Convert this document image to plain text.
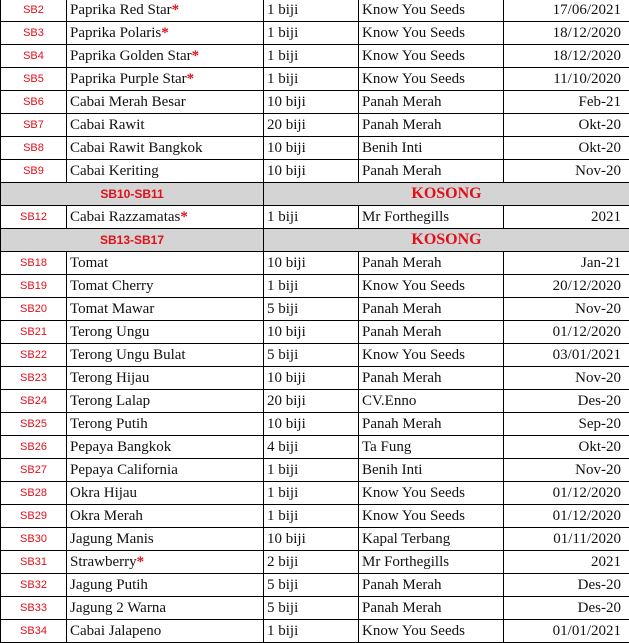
SB2	Paprika Red Star*	1 biji	Know You Seeds	17/06/2021
SB3	Paprika Polaris*	1 biji	Know You Seeds	18/12/2020
SB4	Paprika Golden Star*	1 biji	Know You Seeds	18/12/2020
SB5	Paprika Purple Star*	1 biji	Know You Seeds	11/10/2020
SB6	Cabai Merah Besar	10 biji	Panah Merah	Feb-21
SB7	Cabai Rawit	20 biji	Panah Merah	Okt-20
SB8	Cabai Rawit Bangkok	10 biji	Benih Inti	Okt-20
SB9	Cabai Keriting	10 biji	Panah Merah	Nov-20
SB10-SB11		KOSONG		
SB12	Cabai Razzamatas*	1 biji	Mr Forthegills	2021
SB13-SB17		KOSONG		
SB18	Tomat	10 biji	Panah Merah	Jan-21
SB19	Tomat Cherry	1 biji	Know You Seeds	20/12/2020
SB20	Tomat Mawar	5 biji	Panah Merah	Nov-20
SB21	Terong Ungu	10 biji	Panah Merah	01/12/2020
SB22	Terong Ungu Bulat	5 biji	Know You Seeds	03/01/2021
SB23	Terong Hijau	10 biji	Panah Merah	Nov-20
SB24	Terong Lalap	20 biji	CV.Enno	Des-20
SB25	Terong Putih	10 biji	Panah Merah	Sep-20
SB26	Pepaya Bangkok	4 biji	Ta Fung	Okt-20
SB27	Pepaya California	1 biji	Benih Inti	Nov-20
SB28	Okra Hijau	1 biji	Know You Seeds	01/12/2020
SB29	Okra Merah	1 biji	Know You Seeds	01/12/2020
SB30	Jagung Manis	10 biji	Kapal Terbang	01/11/2020
SB31	Strawberry*	2 biji	Mr Forthegills	2021
SB32	Jagung Putih	5 biji	Panah Merah	Des-20
SB33	Jagung 2 Warna	5 biji	Panah Merah	Des-20
SB34	Cabai Jalapeno	1 biji	Know You Seeds	01/01/2021
